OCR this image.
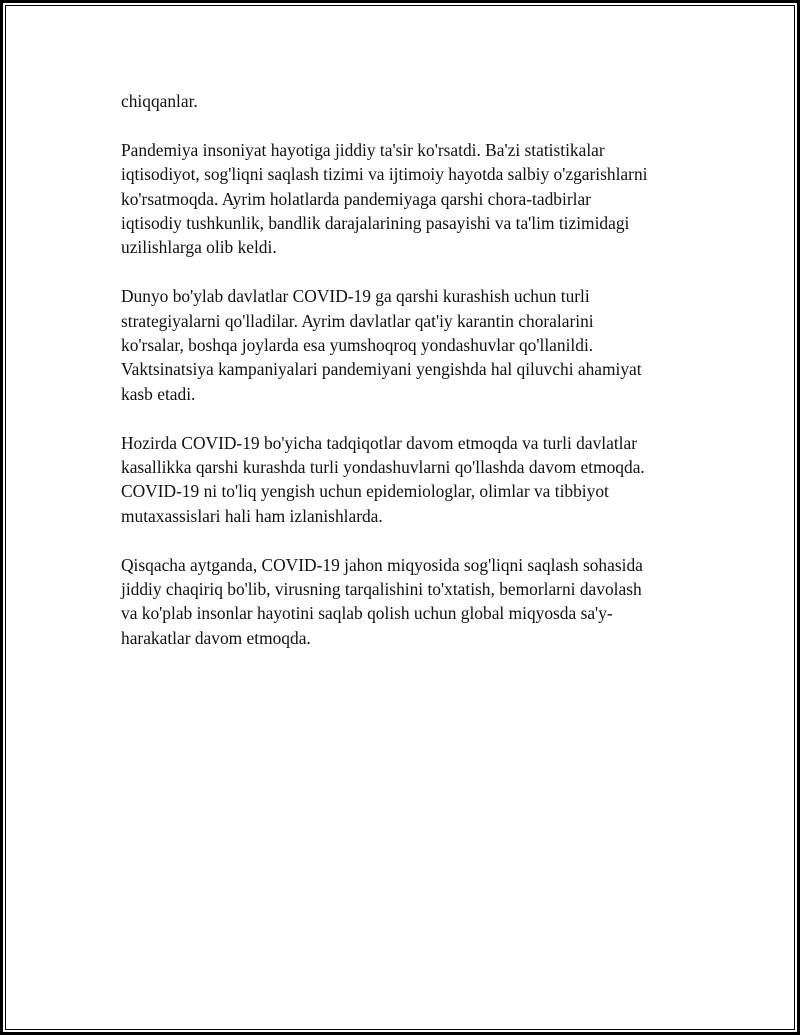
chiqqanlar.

Pandemiya insoniyat hayotiga jiddiy ta'sir ko'rsatdi. Ba'zi statistikalar
iqtisodiyot, sog'liqni saqlash tizimi va ijtimoiy hayotda salbiy o'zgarishlarni
ko'rsatmoqda. Ayrim holatlarda pandemiyaga qarshi chora-tadbirlar
iqtisodiy tushkunlik, bandlik darajalarining pasayishi va ta'lim tizimidagi
uzilishlarga olib keldi.

Dunyo bo'ylab davlatlar COVID-19 ga qarshi kurashish uchun turli
strategiyalarni qo'lladilar. Ayrim davlatlar qat'iy karantin choralarini
ko'rsalar, boshqa joylarda esa yumshoqroq yondashuvlar qo'llanildi.
Vaktsinatsiya kampaniyalari pandemiyani yengishda hal qiluvchi ahamiyat
kasb etadi.

Hozirda COVID-19 bo'yicha tadqiqotlar davom etmoqda va turli davlatlar
kasallikka qarshi kurashda turli yondashuvlarni qo'llashda davom etmoqda.
COVID-19 ni to'liq yengish uchun epidemiologlar, olimlar va tibbiyot
mutaxassislari hali ham izlanishlarda.

Qisqacha aytganda, COVID-19 jahon miqyosida sog'liqni saqlash sohasida
jiddiy chaqiriq bo'lib, virusning tarqalishini to'xtatish, bemorlarni davolash
va ko'plab insonlar hayotini saqlab qolish uchun global miqyosda sa'y-
harakatlar davom etmoqda.
